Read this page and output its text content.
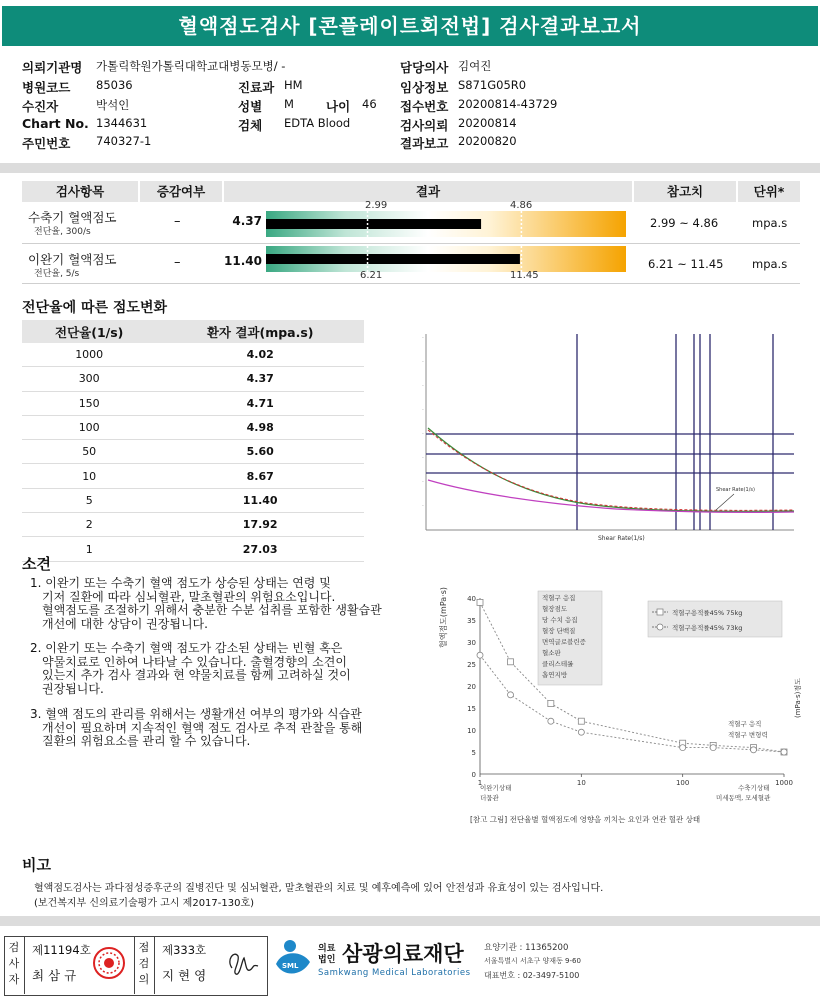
혈액점도검사 [콘플레이트회전법] 검사결과보고서
의뢰기관명 가톨릭학원가톨릭대학교대병동모병/ -
병원코드 85036
수진자	박석인
Chart No. 1344631
주민번호 740327-1
진료과 HM
성별 M	나이 46
검체 EDTA Blood
담당의사 김여진
임상정보 S871G05R0
접수번호 20200814-43729
검사의뢰 20200814
결과보고 20200820
검사항목	증감여부	결과	참고치	단위*
수축기 혈액점도
전단율, 300/s
–	4.37
2.99	4.86
2.99 ~ 4.86	mpa.s
이완기 혈액점도
전단율, 5/s
–	11.40
6.21	11.45
6.21 ~ 11.45 mpa.s
전단율에 따른 점도변화
전단율(1/s)	환자 결과(mpa.s)
1000	4.02
300	4.37
150	4.71
100	4.98
50	5.60
10	8.67
5	11.40
2	17.92
1	27.03
·
·
·
·
·
·
·
·
Shear Rate(1/s)
Shear Rate(1/s)
소견
1. 이완기 또는 수축기 혈액 점도가 상승된 상태는 연령 및
기저 질환에 따라 심뇌혈관, 말초혈관의 위험요소입니다.
혈액점도를 조절하기 위해서 충분한 수분 섭취를 포함한 생활습관
개선에 대한 상담이 권장됩니다.
2. 이완기 또는 수축기 혈액 점도가 감소된 상태는 빈혈 혹은
약물치료로 인하여 나타날 수 있습니다. 출혈경향의 소견이
있는지 추가 검사 결과와 현 약물치료를 함께 고려하실 것이
권장됩니다.
3. 혈액 점도의 관리를 위해서는 생활개선 여부의 평가와 식습관
개선이 필요하며 지속적인 혈액 점도 검사로 추적 관찰을 통해
질환의 위험요소를 관리 할 수 있습니다.
혈액점도(mPa·s)
(mPa·s)점도
40
35
30
25
20
15
10
5
0
1	10	100	1000
적혈구 응집
혈장점도
당 수치 응집
혈장 단백질
면역글로블린증
혈소판
클리스테롤
흡연지방
적혈구용적률45% 75kg
적혈구용적률45% 73kg
적혈구 응직
적혈구 변형력
이완기상태
더뭅관
수축기상태
미세동맥, 모세혈관
[참고 그림] 전단율별 혈액점도에 영향을 끼치는 요인과 연관 혈관 상태
비고
혈액점도검사는 과다점성증후군의 질병진단 및 심뇌혈관, 말초혈관의 치료 및 예후예측에 있어 안전성과 유효성이 있는 검사입니다.
(보건복지부 신의료기술평가 고시 제2017-130호)
검사자
제11194호
최 삼 규
점검의
제333호
지 현 영
SML
의료법인 삼광의료재단
Samkwang Medical Laboratories
요양기관 : 11365200
서울특별시 서초구 양재동 9-60
대표번호 : 02-3497-5100
